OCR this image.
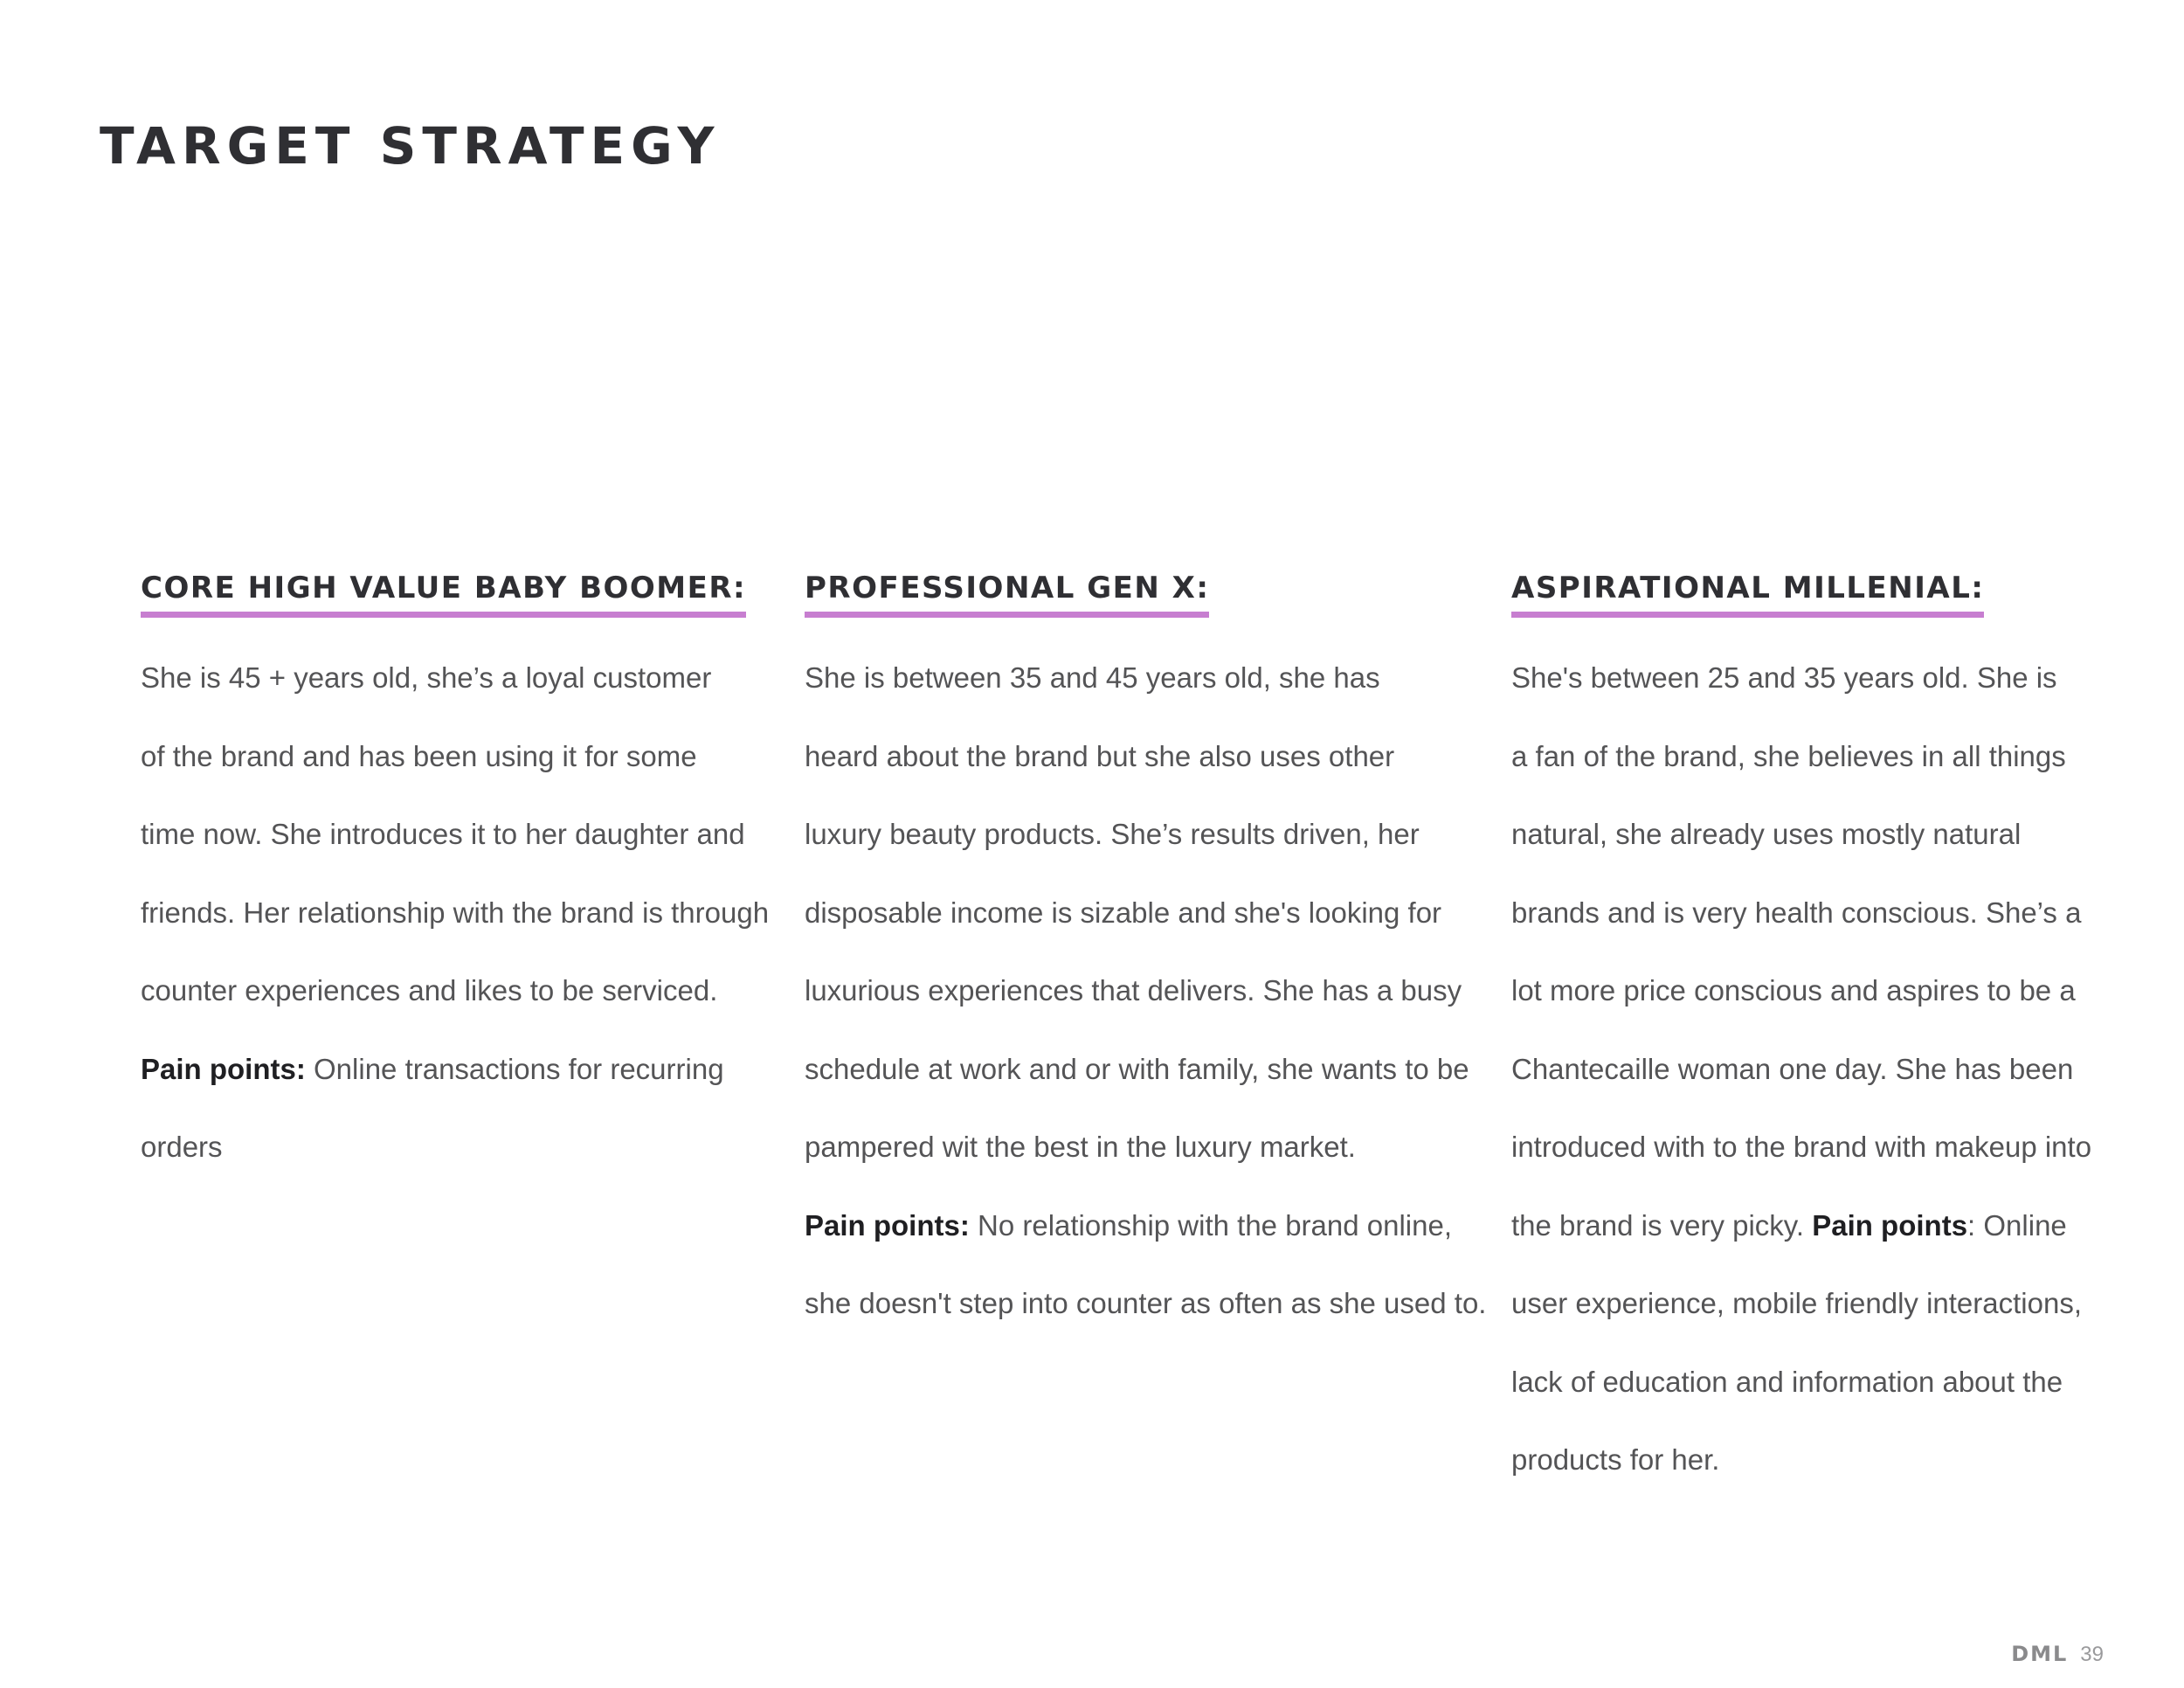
TARGET STRATEGY
CORE HIGH VALUE BABY BOOMER:

She is 45 + years old, she’s a loyal customer
of the brand and has been using it for some
time now. She introduces it to her daughter and
friends. Her relationship with the brand is through
counter experiences and likes to be serviced.
Pain points: Online transactions for recurring
orders

PROFESSIONAL GEN X:

She is between 35 and 45 years old, she has
heard about the brand but she also uses other
luxury beauty products. She’s results driven, her
disposable income is sizable and she's looking for
luxurious experiences that delivers. She has a busy
schedule at work and or with family, she wants to be
pampered wit the best in the luxury market.
Pain points: No relationship with the brand online,
she doesn't step into counter as often as she used to.

ASPIRATIONAL MILLENIAL:

She's between 25 and 35 years old. She is
a fan of the brand, she believes in all things
natural, she already uses mostly natural
brands and is very health conscious. She’s a
lot more price conscious and aspires to be a
Chantecaille woman one day. She has been
introduced with to the brand with makeup into
the brand is very picky. Pain points: Online
user experience, mobile friendly interactions,
lack of education and information about the
products for her.

DML 39
